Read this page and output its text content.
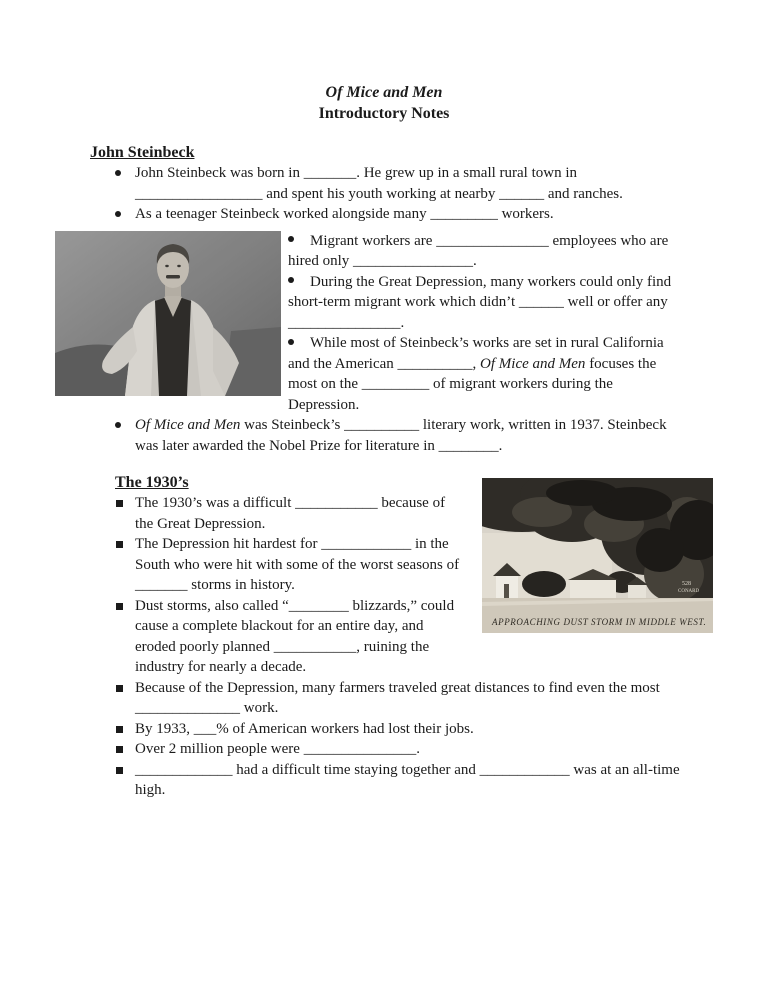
Of Mice and Men
Introductory Notes
John Steinbeck
John Steinbeck was born in _______. He grew up in a small rural town in _________________ and spent his youth working at nearby ______ and ranches.
As a teenager Steinbeck worked alongside many _________ workers.
Migrant workers are _______________ employees who are hired only ________________.
During the Great Depression, many workers could only find short-term migrant work which didn’t ______ well or offer any _______________.
While most of Steinbeck’s works are set in rural California and the American __________, Of Mice and Men focuses the most on the _________ of migrant workers during the Depression.
Of Mice and Men was Steinbeck’s __________ literary work, written in 1937. Steinbeck was later awarded the Nobel Prize for literature in ________.
The 1930’s
APPROACHING DUST STORM IN MIDDLE WEST.
528
CONARD
The 1930’s was a difficult ___________ because of the Great Depression.
The Depression hit hardest for ____________ in the South who were hit with some of the worst seasons of _______ storms in history.
Dust storms, also called “________ blizzards,” could cause a complete blackout for an entire day, and eroded poorly planned ___________, ruining the industry for nearly a decade.
Because of the Depression, many farmers traveled great distances to find even the most ______________ work.
By 1933, ___% of American workers had lost their jobs.
Over 2 million people were _______________.
_____________ had a difficult time staying together and ____________ was at an all-time high.
